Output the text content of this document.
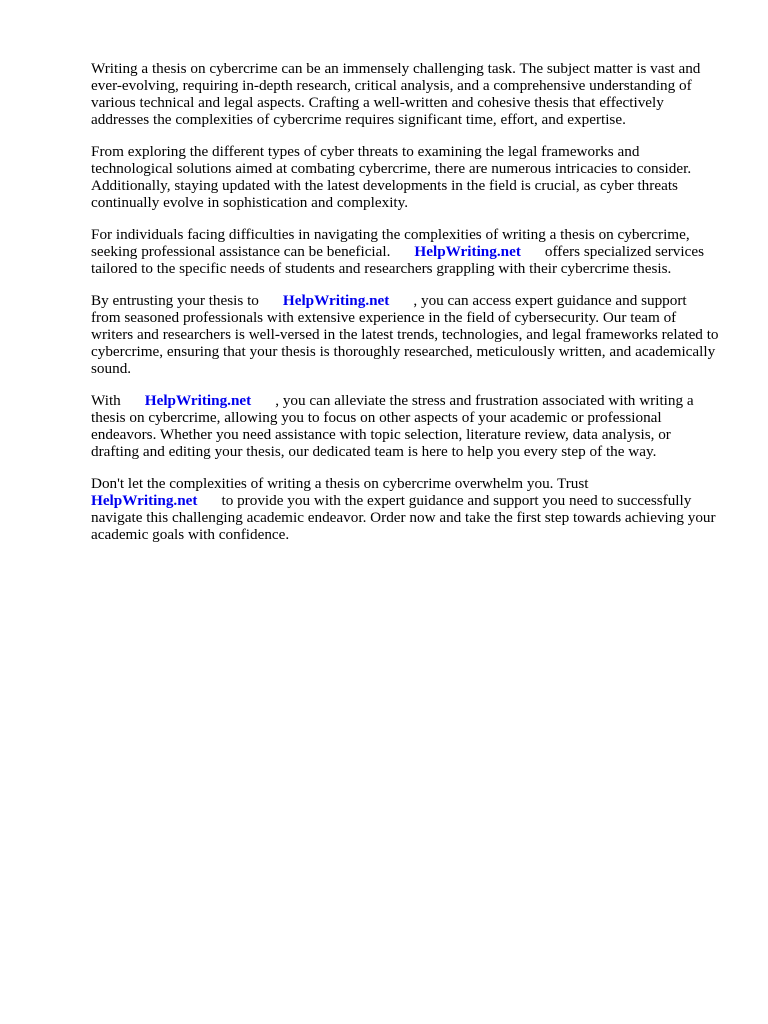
Writing a thesis on cybercrime can be an immensely challenging task. The subject matter is vast and ever-evolving, requiring in-depth research, critical analysis, and a comprehensive understanding of various technical and legal aspects. Crafting a well-written and cohesive thesis that effectively addresses the complexities of cybercrime requires significant time, effort, and expertise.

From exploring the different types of cyber threats to examining the legal frameworks and technological solutions aimed at combating cybercrime, there are numerous intricacies to consider. Additionally, staying updated with the latest developments in the field is crucial, as cyber threats continually evolve in sophistication and complexity.

For individuals facing difficulties in navigating the complexities of writing a thesis on cybercrime, seeking professional assistance can be beneficial. HelpWriting.net offers specialized services tailored to the specific needs of students and researchers grappling with their cybercrime thesis.

By entrusting your thesis to HelpWriting.net , you can access expert guidance and support from seasoned professionals with extensive experience in the field of cybersecurity. Our team of writers and researchers is well-versed in the latest trends, technologies, and legal frameworks related to cybercrime, ensuring that your thesis is thoroughly researched, meticulously written, and academically sound.

With HelpWriting.net , you can alleviate the stress and frustration associated with writing a thesis on cybercrime, allowing you to focus on other aspects of your academic or professional endeavors. Whether you need assistance with topic selection, literature review, data analysis, or drafting and editing your thesis, our dedicated team is here to help you every step of the way.

Don't let the complexities of writing a thesis on cybercrime overwhelm you. Trust HelpWriting.net to provide you with the expert guidance and support you need to successfully navigate this challenging academic endeavor. Order now and take the first step towards achieving your academic goals with confidence.
